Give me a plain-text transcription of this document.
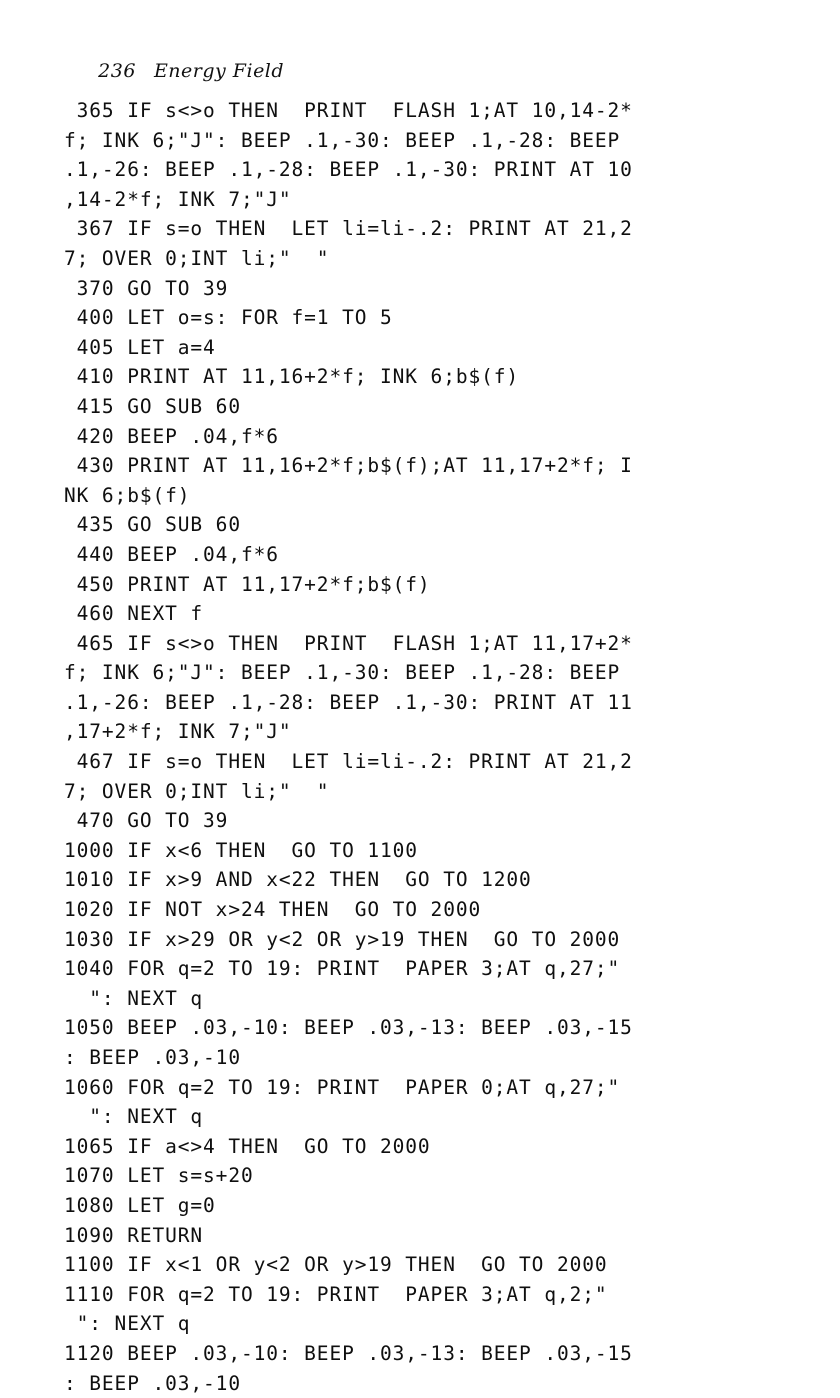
236 Energy Field

365 IF s<>o THEN  PRINT  FLASH 1;AT 10,14-2*
f; INK 6;"J": BEEP .1,-30: BEEP .1,-28: BEEP
.1,-26: BEEP .1,-28: BEEP .1,-30: PRINT AT 10
,14-2*f; INK 7;"J"
367 IF s=o THEN  LET li=li-.2: PRINT AT 21,2
7; OVER 0;INT li;"  "
370 GO TO 39
400 LET o=s: FOR f=1 TO 5
405 LET a=4
410 PRINT AT 11,16+2*f; INK 6;b$(f)
415 GO SUB 60
420 BEEP .04,f*6
430 PRINT AT 11,16+2*f;b$(f);AT 11,17+2*f; I
NK 6;b$(f)
435 GO SUB 60
440 BEEP .04,f*6
450 PRINT AT 11,17+2*f;b$(f)
460 NEXT f
465 IF s<>o THEN  PRINT  FLASH 1;AT 11,17+2*
f; INK 6;"J": BEEP .1,-30: BEEP .1,-28: BEEP
.1,-26: BEEP .1,-28: BEEP .1,-30: PRINT AT 11
,17+2*f; INK 7;"J"
467 IF s=o THEN  LET li=li-.2: PRINT AT 21,2
7; OVER 0;INT li;"  "
470 GO TO 39
1000 IF x<6 THEN  GO TO 1100
1010 IF x>9 AND x<22 THEN  GO TO 1200
1020 IF NOT x>24 THEN  GO TO 2000
1030 IF x>29 OR y<2 OR y>19 THEN  GO TO 2000
1040 FOR q=2 TO 19: PRINT  PAPER 3;AT q,27;"
": NEXT q
1050 BEEP .03,-10: BEEP .03,-13: BEEP .03,-15
: BEEP .03,-10
1060 FOR q=2 TO 19: PRINT  PAPER 0;AT q,27;"
": NEXT q
1065 IF a<>4 THEN  GO TO 2000
1070 LET s=s+20
1080 LET g=0
1090 RETURN
1100 IF x<1 OR y<2 OR y>19 THEN  GO TO 2000
1110 FOR q=2 TO 19: PRINT  PAPER 3;AT q,2;"
": NEXT q
1120 BEEP .03,-10: BEEP .03,-13: BEEP .03,-15
: BEEP .03,-10
